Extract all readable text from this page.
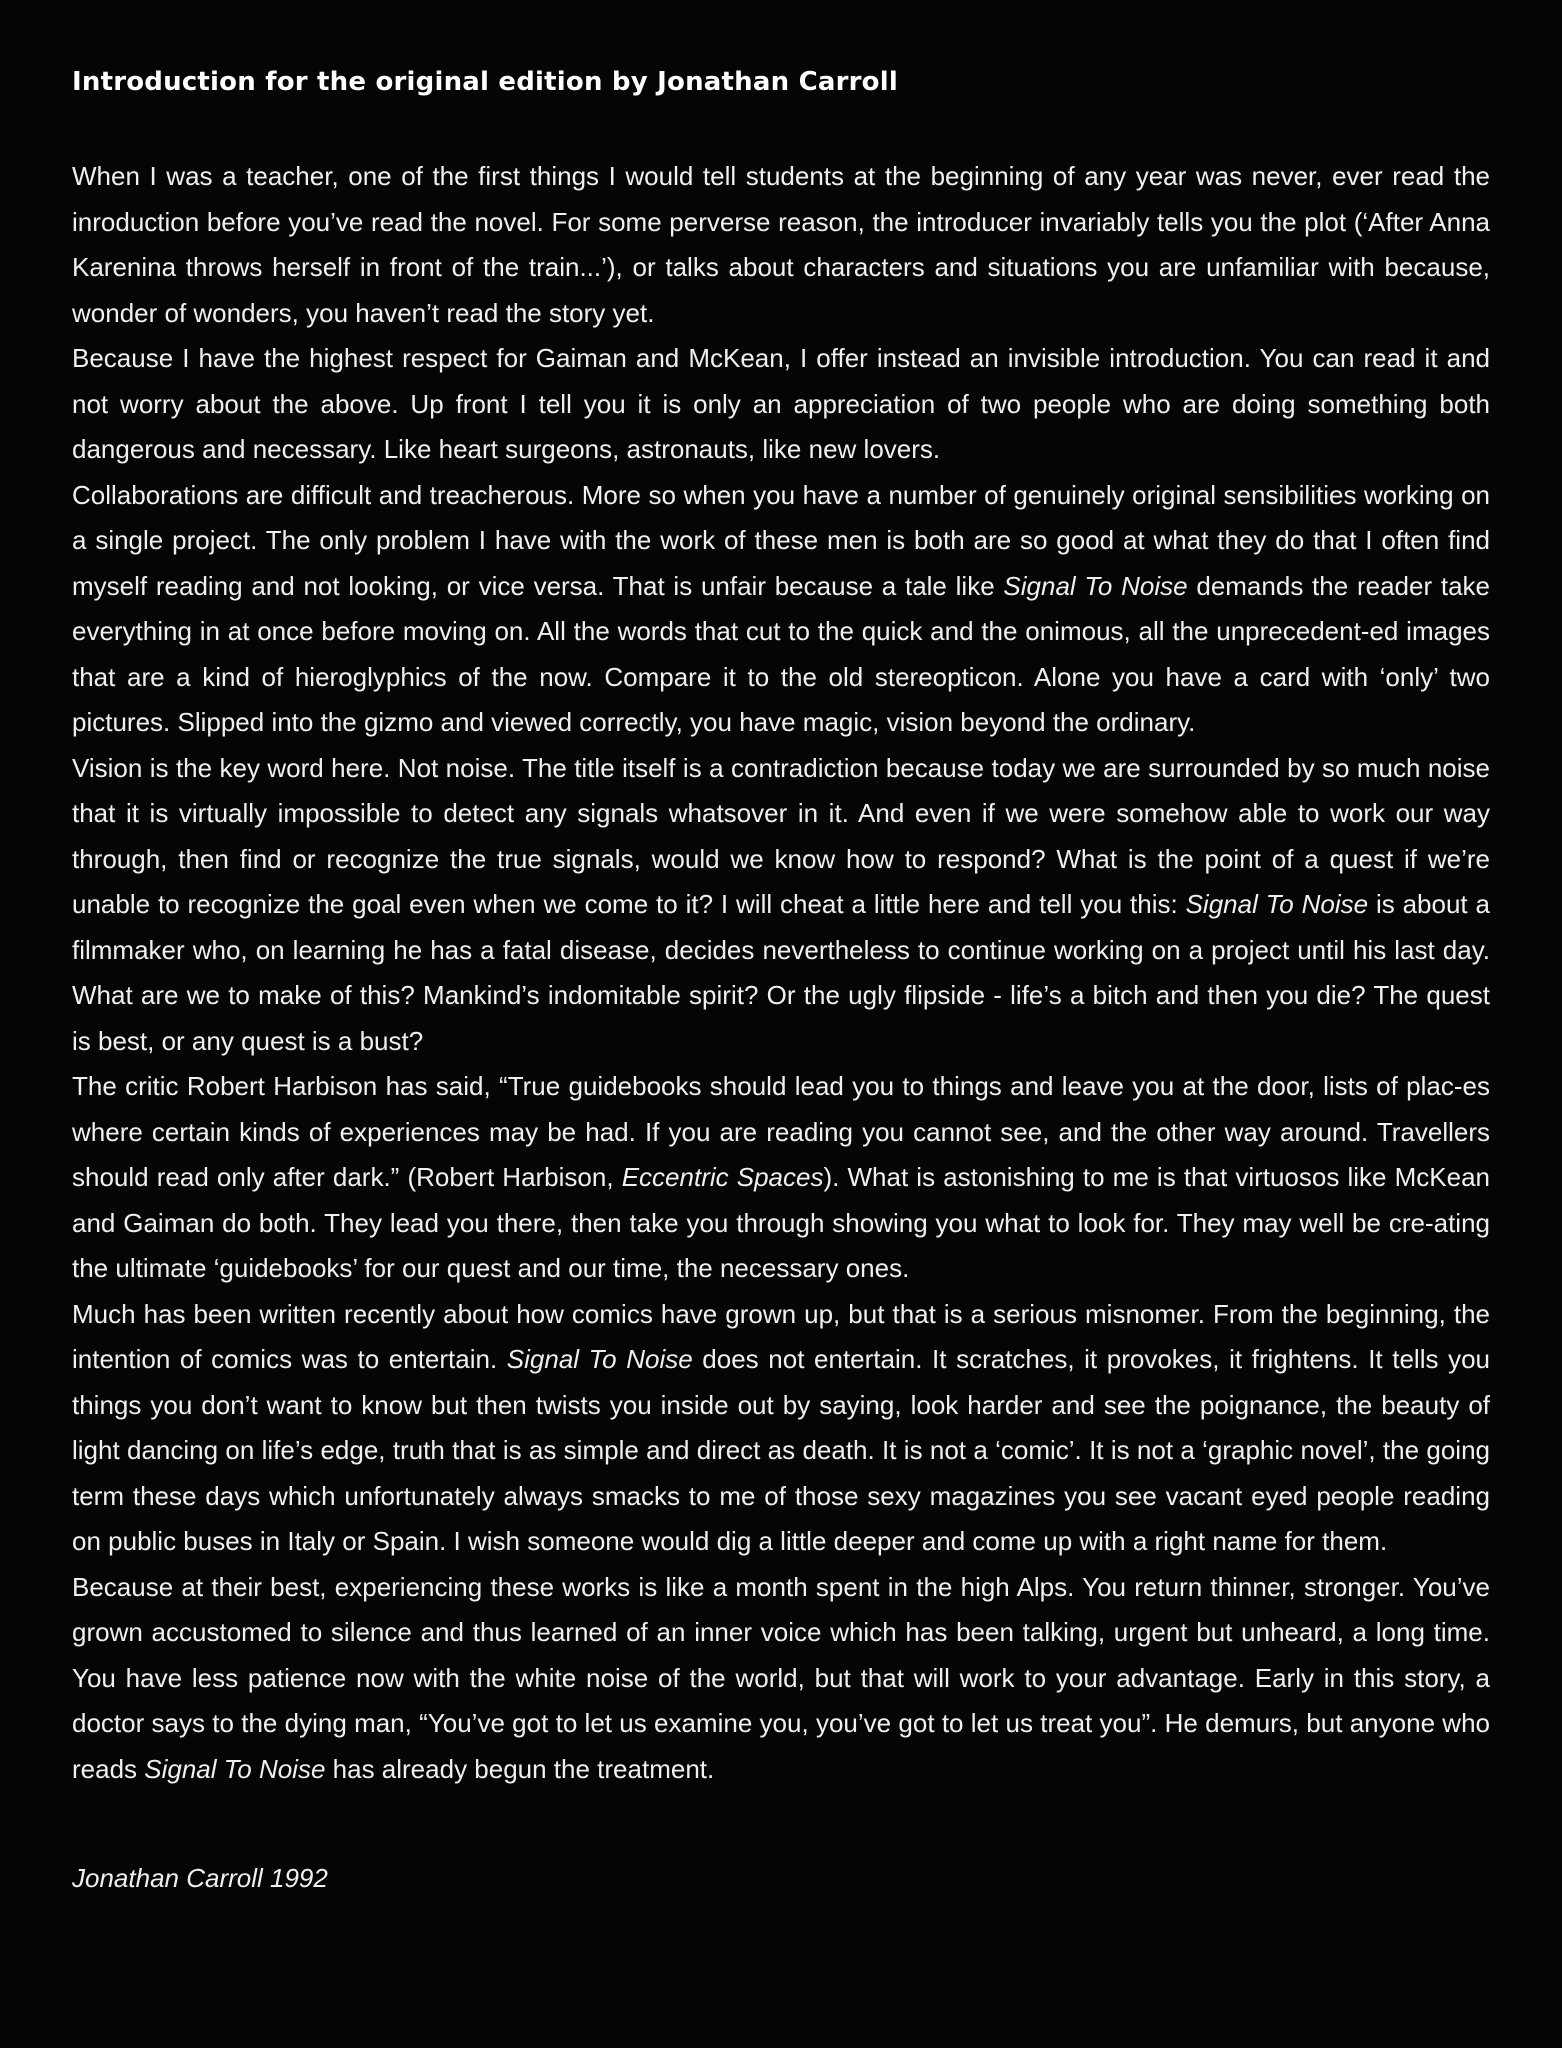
Introduction for the original edition by Jonathan Carroll

When I was a teacher, one of the first things I would tell students at the beginning of any year was never, ever read the inroduction before you’ve read the novel. For some perverse reason, the introducer invariably tells you the plot (‘After Anna Karenina throws herself in front of the train...’), or talks about characters and situations you are unfamiliar with because, wonder of wonders, you haven’t read the story yet.

Because I have the highest respect for Gaiman and McKean, I offer instead an invisible introduction. You can read it and not worry about the above. Up front I tell you it is only an appreciation of two people who are doing something both dangerous and necessary. Like heart surgeons, astronauts, like new lovers.

Collaborations are difficult and treacherous. More so when you have a number of genuinely original sensibilities working on a single project. The only problem I have with the work of these men is both are so good at what they do that I often find myself reading and not looking, or vice versa. That is unfair because a tale like Signal To Noise demands the reader take everything in at once before moving on. All the words that cut to the quick and the onimous, all the unprecedent-ed images that are a kind of hieroglyphics of the now. Compare it to the old stereopticon. Alone you have a card with ‘only’ two pictures. Slipped into the gizmo and viewed correctly, you have magic, vision beyond the ordinary.

Vision is the key word here. Not noise. The title itself is a contradiction because today we are surrounded by so much noise that it is virtually impossible to detect any signals whatsover in it. And even if we were somehow able to work our way through, then find or recognize the true signals, would we know how to respond? What is the point of a quest if we’re unable to recognize the goal even when we come to it? I will cheat a little here and tell you this: Signal To Noise is about a filmmaker who, on learning he has a fatal disease, decides nevertheless to continue working on a project until his last day. What are we to make of this? Mankind’s indomitable spirit? Or the ugly flipside - life’s a bitch and then you die? The quest is best, or any quest is a bust?

The critic Robert Harbison has said, “True guidebooks should lead you to things and leave you at the door, lists of plac-es where certain kinds of experiences may be had. If you are reading you cannot see, and the other way around. Travellers should read only after dark.” (Robert Harbison, Eccentric Spaces). What is astonishing to me is that virtuosos like McKean and Gaiman do both. They lead you there, then take you through showing you what to look for. They may well be cre-ating the ultimate ‘guidebooks’ for our quest and our time, the necessary ones.

Much has been written recently about how comics have grown up, but that is a serious misnomer. From the beginning, the intention of comics was to entertain. Signal To Noise does not entertain. It scratches, it provokes, it frightens. It tells you things you don’t want to know but then twists you inside out by saying, look harder and see the poignance, the beauty of light dancing on life’s edge, truth that is as simple and direct as death. It is not a ‘comic’. It is not a ‘graphic novel’, the going term these days which unfortunately always smacks to me of those sexy magazines you see vacant eyed people reading on public buses in Italy or Spain. I wish someone would dig a little deeper and come up with a right name for them.

Because at their best, experiencing these works is like a month spent in the high Alps. You return thinner, stronger. You’ve grown accustomed to silence and thus learned of an inner voice which has been talking, urgent but unheard, a long time. You have less patience now with the white noise of the world, but that will work to your advantage. Early in this story, a doctor says to the dying man, “You’ve got to let us examine you, you’ve got to let us treat you”. He demurs, but anyone who reads Signal To Noise has already begun the treatment.

Jonathan Carroll 1992
